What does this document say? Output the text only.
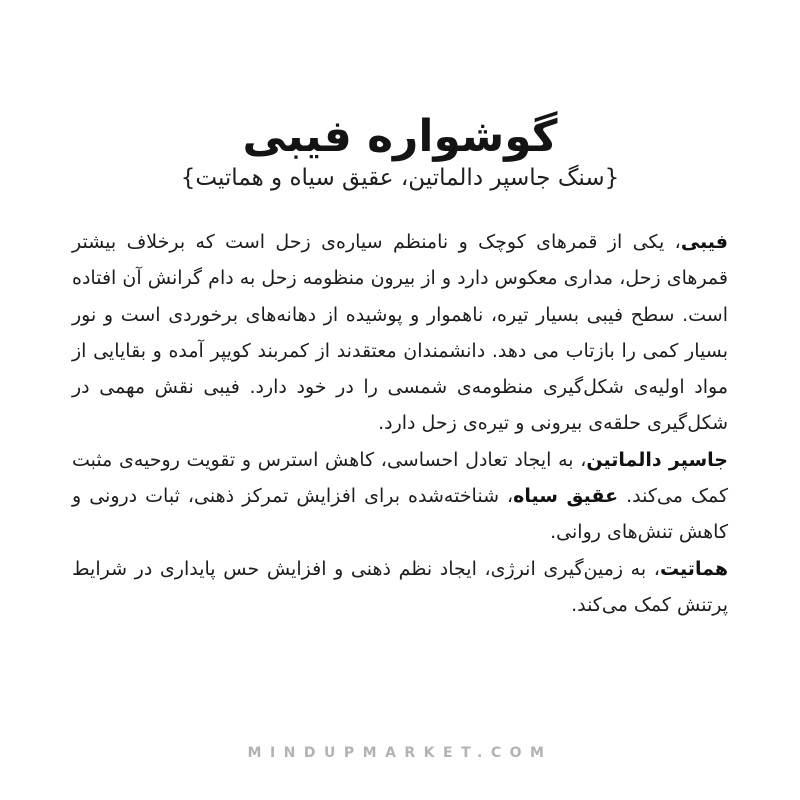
گوشواره فیبی
{سنگ جاسپر دالماتین، عقیق سیاه و هماتیت}

فیبی، یکی از قمرهای کوچک و نامنظم سیاره‌ی زحل است که برخلاف بیشتر قمرهای زحل، مداری معکوس دارد و از بیرون منظومه زحل به دام گرانش آن افتاده است. سطح فیبی بسیار تیره، ناهموار و پوشیده از دهانه‌های برخوردی است و نور بسیار کمی را بازتاب می دهد. دانشمندان معتقدند از کمربند کویپر آمده و بقایایی از مواد اولیه‌ی شکل‌گیری منظومه‌ی شمسی را در خود دارد. فیبی نقش مهمی در شکل‌گیری حلقه‌ی بیرونی و تیره‌ی زحل دارد.

جاسپر دالماتین، به ایجاد تعادل احساسی، کاهش استرس و تقویت روحیه‌ی مثبت کمک می‌کند. عقیق سیاه، شناخته‌شده برای افزایش تمرکز ذهنی، ثبات درونی و کاهش تنش‌های روانی.

هماتیت، به زمین‌گیری انرژی، ایجاد نظم ذهنی و افزایش حس پایداری در شرایط پرتنش کمک می‌کند.

MINDUPMARKET.COM
